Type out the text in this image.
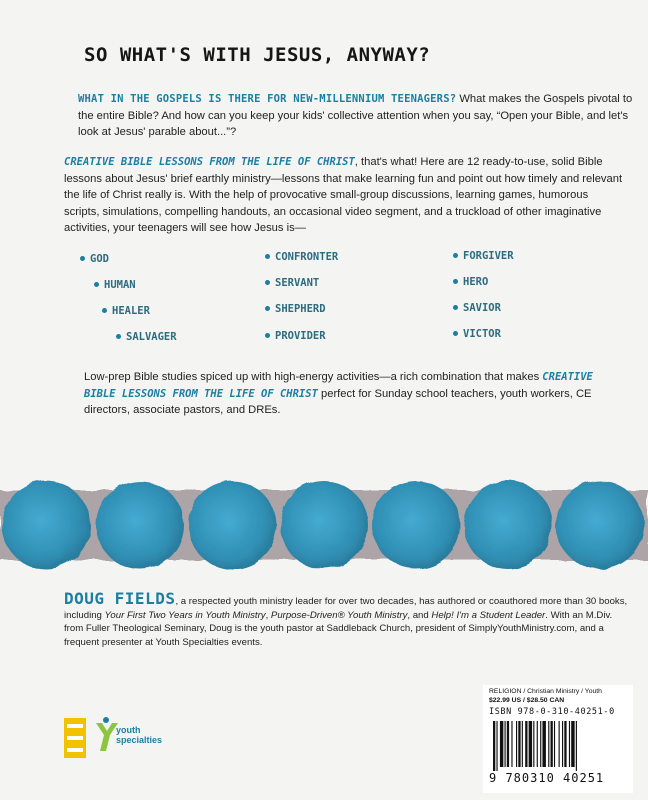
SO WHAT'S WITH JESUS, ANYWAY?
WHAT IN THE GOSPELS IS THERE FOR NEW-MILLENNIUM TEENAGERS? What makes the Gospels pivotal to the entire Bible? And how can you keep your kids' collective attention when you say, “Open your Bible, and let's look at Jesus' parable about...”?
CREATIVE BIBLE LESSONS FROM THE LIFE OF CHRIST, that's what! Here are 12 ready-to-use, solid Bible lessons about Jesus' brief earthly ministry—lessons that make learning fun and point out how timely and relevant the life of Christ really is. With the help of provocative small-group discussions, learning games, humorous scripts, simulations, compelling handouts, an occasional video segment, and a truckload of other imaginative activities, your teenagers will see how Jesus is—
GOD
HUMAN
HEALER
SALVAGER
CONFRONTER
SERVANT
SHEPHERD
PROVIDER
FORGIVER
HERO
SAVIOR
VICTOR
Low-prep Bible studies spiced up with high-energy activities—a rich combination that makes CREATIVE BIBLE LESSONS FROM THE LIFE OF CHRIST perfect for Sunday school teachers, youth workers, CE directors, associate pastors, and DREs.
DOUG FIELDS, a respected youth ministry leader for over two decades, has authored or coauthored more than 30 books, including Your First Two Years in Youth Ministry, Purpose-Driven® Youth Ministry, and Help! I'm a Student Leader. With an M.Div. from Fuller Theological Seminary, Doug is the youth pastor at Saddleback Church, president of SimplyYouthMinistry.com, and a frequent presenter at Youth Specialties events.
youth
specialties
RELIGION / Christian Ministry / Youth
$22.99 US / $28.50 CAN
ISBN 978-0-310-40251-0
9 780310 40251
